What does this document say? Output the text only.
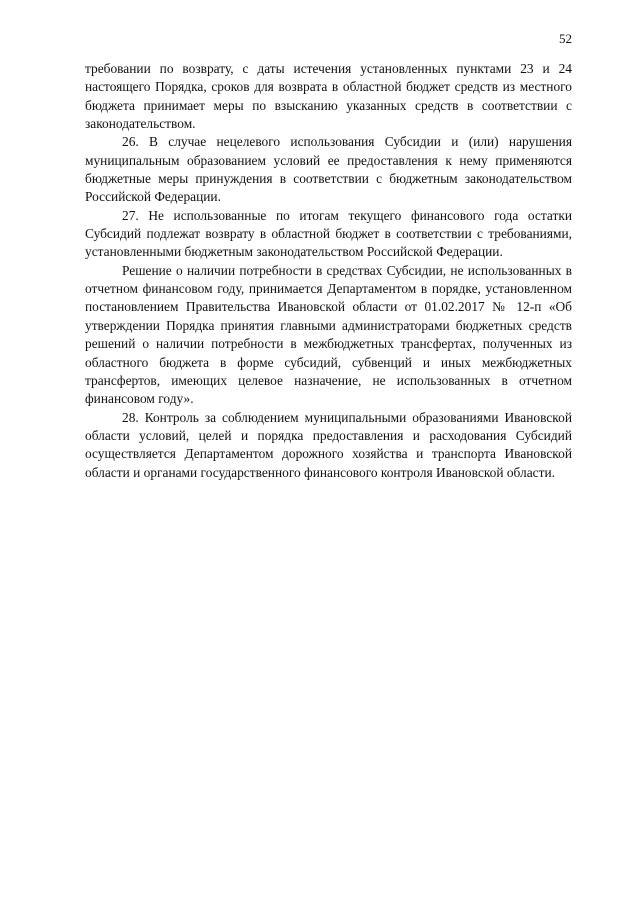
52

требовании по возврату, с даты истечения установленных пунктами 23 и 24 настоящего Порядка, сроков для возврата в областной бюджет средств из местного бюджета принимает меры по взысканию указанных средств в соответствии с законодательством.

26. В случае нецелевого использования Субсидии и (или) нарушения муниципальным образованием условий ее предоставления к нему применяются бюджетные меры принуждения в соответствии с бюджетным законодательством Российской Федерации.

27. Не использованные по итогам текущего финансового года остатки Субсидий подлежат возврату в областной бюджет в соответствии с требованиями, установленными бюджетным законодательством Российской Федерации.

Решение о наличии потребности в средствах Субсидии, не использованных в отчетном финансовом году, принимается Департаментом в порядке, установленном постановлением Правительства Ивановской области от 01.02.2017 № 12-п «Об утверждении Порядка принятия главными администраторами бюджетных средств решений о наличии потребности в межбюджетных трансфертах, полученных из областного бюджета в форме субсидий, субвенций и иных межбюджетных трансфертов, имеющих целевое назначение, не использованных в отчетном финансовом году».

28. Контроль за соблюдением муниципальными образованиями Ивановской области условий, целей и порядка предоставления и расходования Субсидий осуществляется Департаментом дорожного хозяйства и транспорта Ивановской области и органами государственного финансового контроля Ивановской области.
